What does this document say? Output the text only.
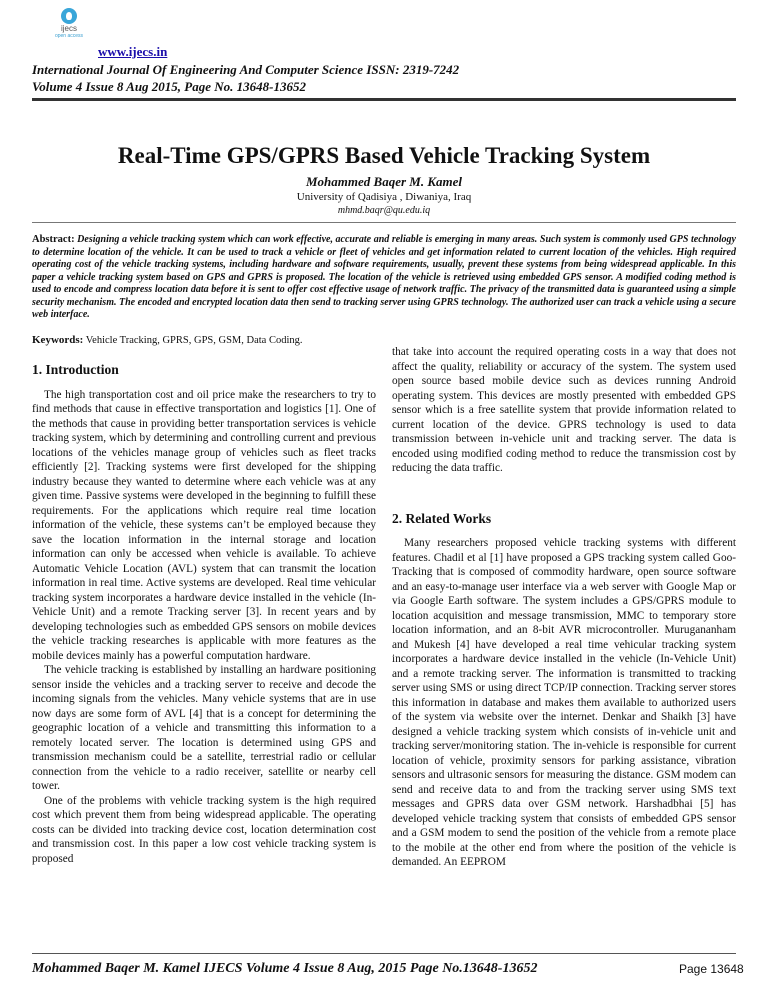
ijecs
open access
www.ijecs.in
International Journal Of Engineering And Computer Science ISSN: 2319-7242
Volume 4 Issue 8 Aug 2015, Page No. 13648-13652
Real-Time GPS/GPRS Based Vehicle Tracking System
Mohammed Baqer M. Kamel
University of Qadisiya , Diwaniya, Iraq
mhmd.baqr@qu.edu.iq
Abstract: Designing a vehicle tracking system which can work effective, accurate and reliable is emerging in many areas. Such system is commonly used GPS technology to determine location of the vehicle. It can be used to track a vehicle or fleet of vehicles and get information related to current location of the vehicles. High required operating cost of the vehicle tracking systems, including hardware and software requirements, usually, prevent these systems from being widespread applicable. In this paper a vehicle tracking system based on GPS and GPRS is proposed. The location of the vehicle is retrieved using embedded GPS sensor. A modified coding method is used to encode and compress location data before it is sent to offer cost effective usage of network traffic. The privacy of the transmitted data is guaranteed using a simple security mechanism. The encoded and encrypted location data then send to tracking server using GPRS technology. The authorized user can track a vehicle using a secure web interface.
Keywords: Vehicle Tracking, GPRS, GPS, GSM, Data Coding.
1. Introduction

The high transportation cost and oil price make the researchers to try to find methods that cause in effective transportation and logistics [1]. One of the methods that cause in providing better transportation services is vehicle tracking system, which by determining and controlling current and previous locations of the vehicles manage group of vehicles such as fleet tracks efficiently [2]. Tracking systems were first developed for the shipping industry because they wanted to determine where each vehicle was at any given time. Passive systems were developed in the beginning to fulfill these requirements. For the applications which require real time location information of the vehicle, these systems can’t be employed because they save the location information in the internal storage and location information can only be accessed when vehicle is available. To achieve Automatic Vehicle Location (AVL) system that can transmit the location information in real time. Active systems are developed. Real time vehicular tracking system incorporates a hardware device installed in the vehicle (In-Vehicle Unit) and a remote Tracking server [3]. In recent years and by developing technologies such as embedded GPS sensors on mobile devices the vehicle tracking researches is applicable with more features as the mobile devices mainly has a powerful computation hardware.

The vehicle tracking is established by installing an hardware positioning sensor inside the vehicles and a tracking server to receive and decode the incoming signals from the vehicles. Many vehicle systems that are in use now days are some form of AVL [4] that is a concept for determining the geographic location of a vehicle and transmitting this information to a remotely located server. The location is determined using GPS and transmission mechanism could be a satellite, terrestrial radio or cellular connection from the vehicle to a radio receiver, satellite or nearby cell tower.

One of the problems with vehicle tracking system is the high required cost which prevent them from being widespread applicable. The operating costs can be divided into tracking device cost, location determination cost and transmission cost. In this paper a low cost vehicle tracking system is proposed

that take into account the required operating costs in a way that does not affect the quality, reliability or accuracy of the system. The system used open source based mobile device such as devices running Android operating system. This devices are mostly presented with embedded GPS sensor which is a free satellite system that provide information related to current location of the device. GPRS technology is used to data transmission between in-vehicle unit and tracking server. The data is encoded using modified coding method to reduce the transmission cost by reducing the data traffic.

2. Related Works

Many researchers proposed vehicle tracking systems with different features. Chadil et al [1] have proposed a GPS tracking system called Goo-Tracking that is composed of commodity hardware, open source software and an easy-to-manage user interface via a web server with Google Map or via Google Earth software. The system includes a GPS/GPRS module to location acquisition and message transmission, MMC to temporary store location information, and an 8-bit AVR microcontroller. Murugananham and Mukesh [4] have developed a real time vehicular tracking system incorporates a hardware device installed in the vehicle (In-Vehicle Unit) and a remote tracking server. The information is transmitted to tracking server using SMS or using direct TCP/IP connection. Tracking server stores this information in database and makes them available to authorized users of the system via website over the internet. Denkar and Shaikh [3] have designed a vehicle tracking system which consists of in-vehicle unit and tracking server/monitoring station. The in-vehicle is responsible for current location of vehicle, proximity sensors for parking assistance, vibration sensors and ultrasonic sensors for measuring the distance. GSM modem can send and receive data to and from the tracking server using SMS text messages and GPRS data over GSM network. Harshadbhai [5] has developed vehicle tracking system that consists of embedded GPS sensor and a GSM modem to send the position of the vehicle from a remote place to the mobile at the other end from where the position of the vehicle is demanded. An EEPROM

Mohammed Baqer M. Kamel IJECS Volume 4 Issue 8 Aug, 2015 Page No.13648-13652	Page 13648
